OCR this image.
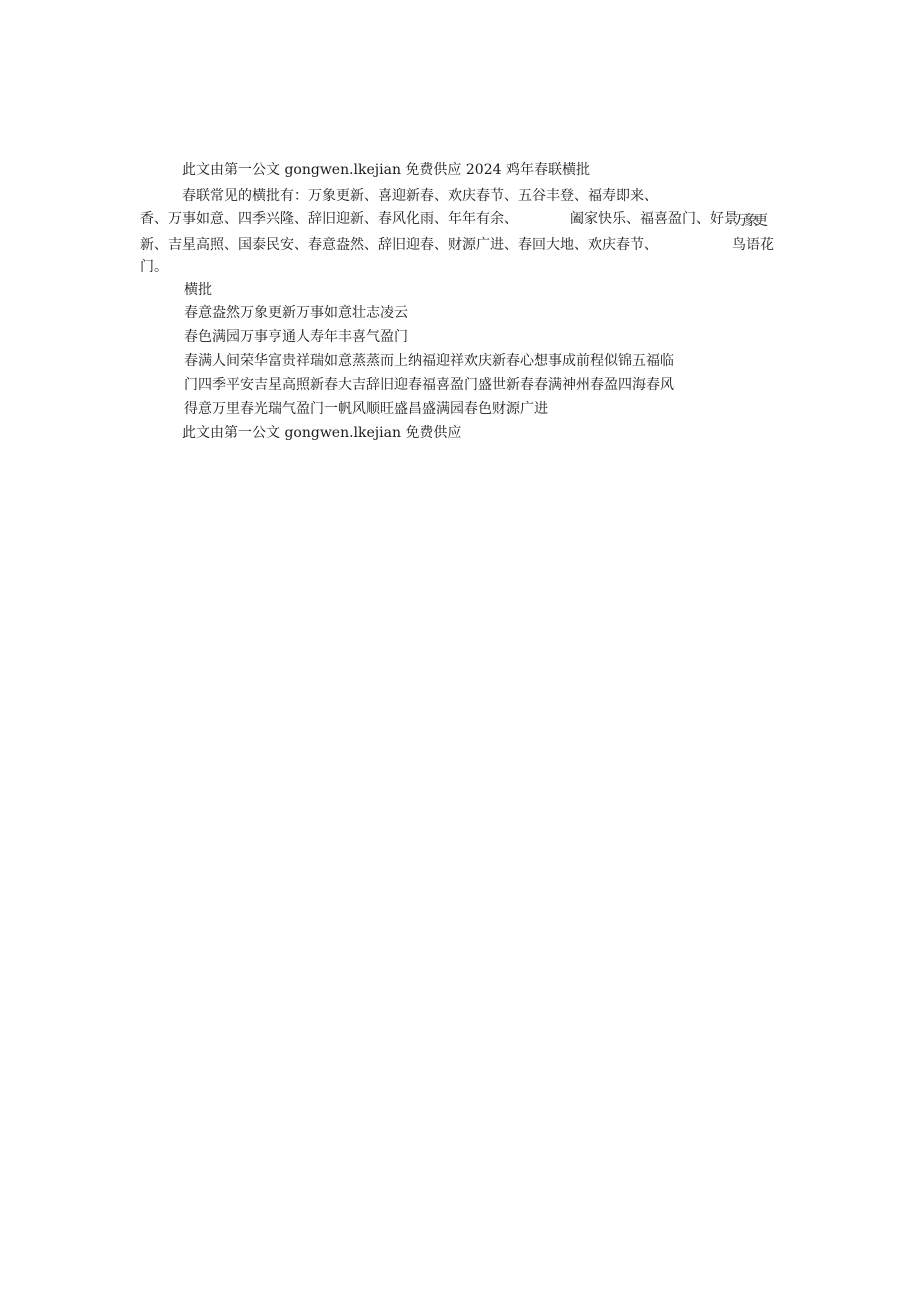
此文由第一公文 gongwen.lkejian 免费供应 2024 鸡年春联横批
春联常见的横批有：万象更新、喜迎新春、欢庆春节、五谷丰登、福寿即来、
香、万事如意、四季兴隆、辞旧迎新、春风化雨、年年有余、	阖家快乐、福喜盈门、好景
万象更
新、吉星高照、国泰民安、春意盎然、辞旧迎春、财源广进、春回大地、欢庆春节、	鸟语花
门。
横批
春意盎然万象更新万事如意壮志凌云
春色满园万事亨通人寿年丰喜气盈门
春满人间荣华富贵祥瑞如意蒸蒸而上纳福迎祥欢庆新春心想事成前程似锦五福临
门四季平安吉星高照新春大吉辞旧迎春福喜盈门盛世新春春满神州春盈四海春风
得意万里春光瑞气盈门一帆风顺旺盛昌盛满园春色财源广进
此文由第一公文 gongwen.lkejian 免费供应
